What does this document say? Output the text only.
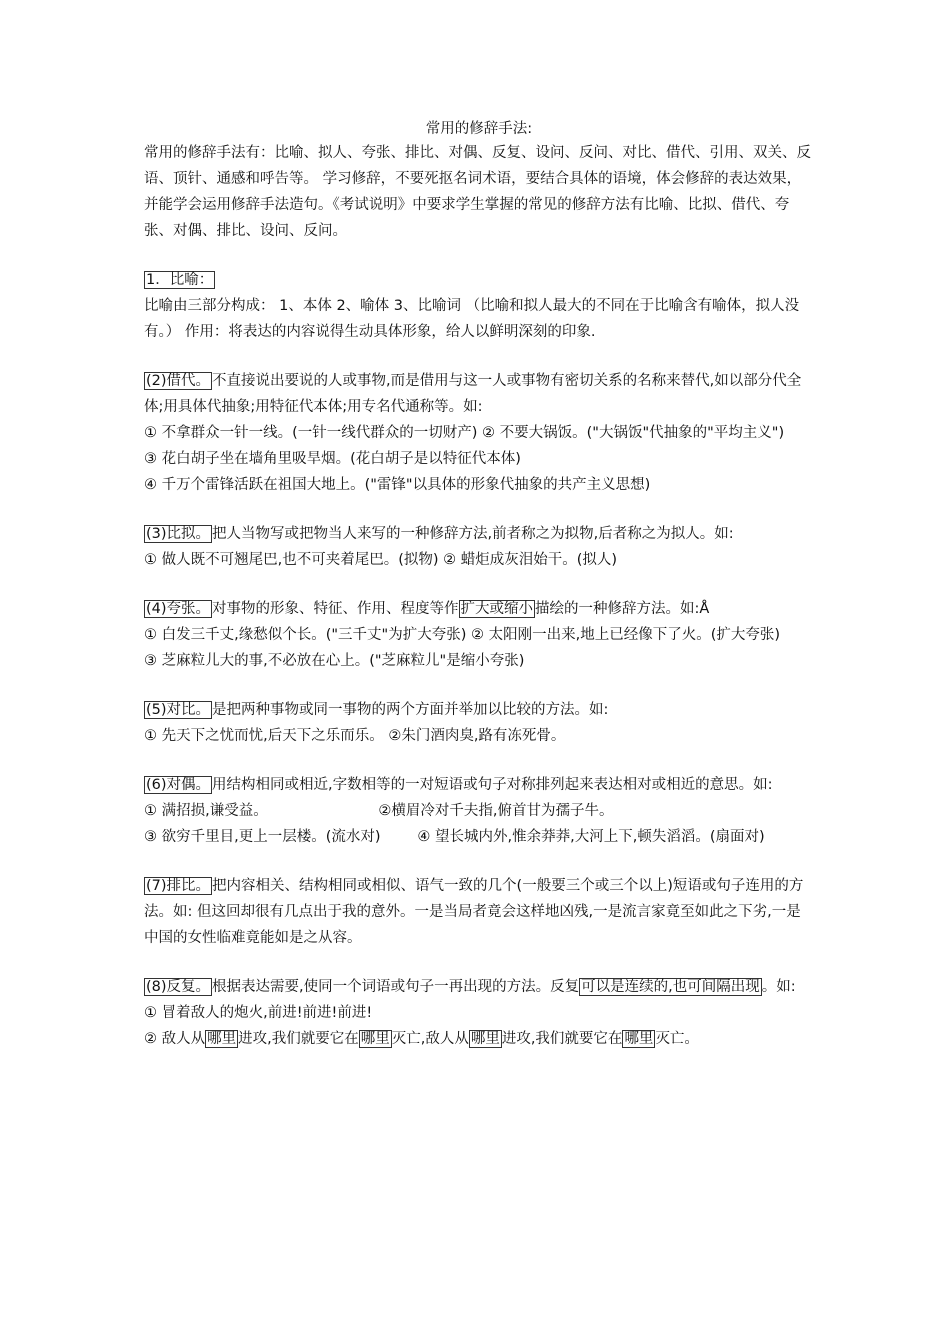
常用的修辞手法:

常用的修辞手法有：比喻、拟人、夸张、排比、对偶、反复、设问、反问、对比、借代、引用、双关、反语、顶针、通感和呼告等。 学习修辞，不要死抠名词术语，要结合具体的语境，体会修辞的表达效果，并能学会运用修辞手法造句。《考试说明》中要求学生掌握的常见的修辞方法有比喻、比拟、借代、夸张、对偶、排比、设问、反问。

1．比喻：

比喻由三部分构成： 1、本体 2、喻体 3、比喻词 （比喻和拟人最大的不同在于比喻含有喻体，拟人没有。） 作用：将表达的内容说得生动具体形象，给人以鲜明深刻的印象.

(2)借代。 不直接说出要说的人或事物,而是借用与这一人或事物有密切关系的名称来替代,如以部分代全体;用具体代抽象;用特征代本体;用专名代通称等。如:

① 不拿群众一针一线。(一针一线代群众的一切财产) ② 不要大锅饭。("大锅饭"代抽象的"平均主义")

③ 花白胡子坐在墙角里吸旱烟。(花白胡子是以特征代本体)

④ 千万个雷锋活跃在祖国大地上。("雷锋"以具体的形象代抽象的共产主义思想)

(3)比拟。 把人当物写或把物当人来写的一种修辞方法,前者称之为拟物,后者称之为拟人。如:

① 做人既不可翘尾巴,也不可夹着尾巴。(拟物) ② 蜡炬成灰泪始干。(拟人)

(4)夸张。 对事物的形象、特征、作用、程度等作 扩大或缩小 描绘的一种修辞方法。如:Å

① 白发三千丈,缘愁似个长。("三千丈"为扩大夸张) ② 太阳刚一出来,地上已经像下了火。(扩大夸张)

③ 芝麻粒儿大的事,不必放在心上。("芝麻粒儿"是缩小夸张)

(5)对比。 是把两种事物或同一事物的两个方面并举加以比较的方法。如:

① 先天下之忧而忧,后天下之乐而乐。 ②朱门酒肉臭,路有冻死骨。

(6)对偶。 用结构相同或相近,字数相等的一对短语或句子对称排列起来表达相对或相近的意思。如:

① 满招损,谦受益。                        ②横眉冷对千夫指,俯首甘为孺子牛。

③ 欲穷千里目,更上一层楼。(流水对)        ④ 望长城内外,惟余莽莽,大河上下,顿失滔滔。(扇面对)

(7)排比。 把内容相关、结构相同或相似、语气一致的几个(一般要三个或三个以上)短语或句子连用的方法。如: 但这回却很有几点出于我的意外。一是当局者竟会这样地凶残,一是流言家竟至如此之下劣,一是中国的女性临难竟能如是之从容。

(8)反复。 根据表达需要,使同一个词语或句子一再出现的方法。反复 可以是连续的,也可间隔出现 。如:

① 冒着敌人的炮火,前进!前进!前进!

② 敌人从 哪里 进攻,我们就要它在 哪里 灭亡,敌人从 哪里 进攻,我们就要它在 哪里 灭亡。
